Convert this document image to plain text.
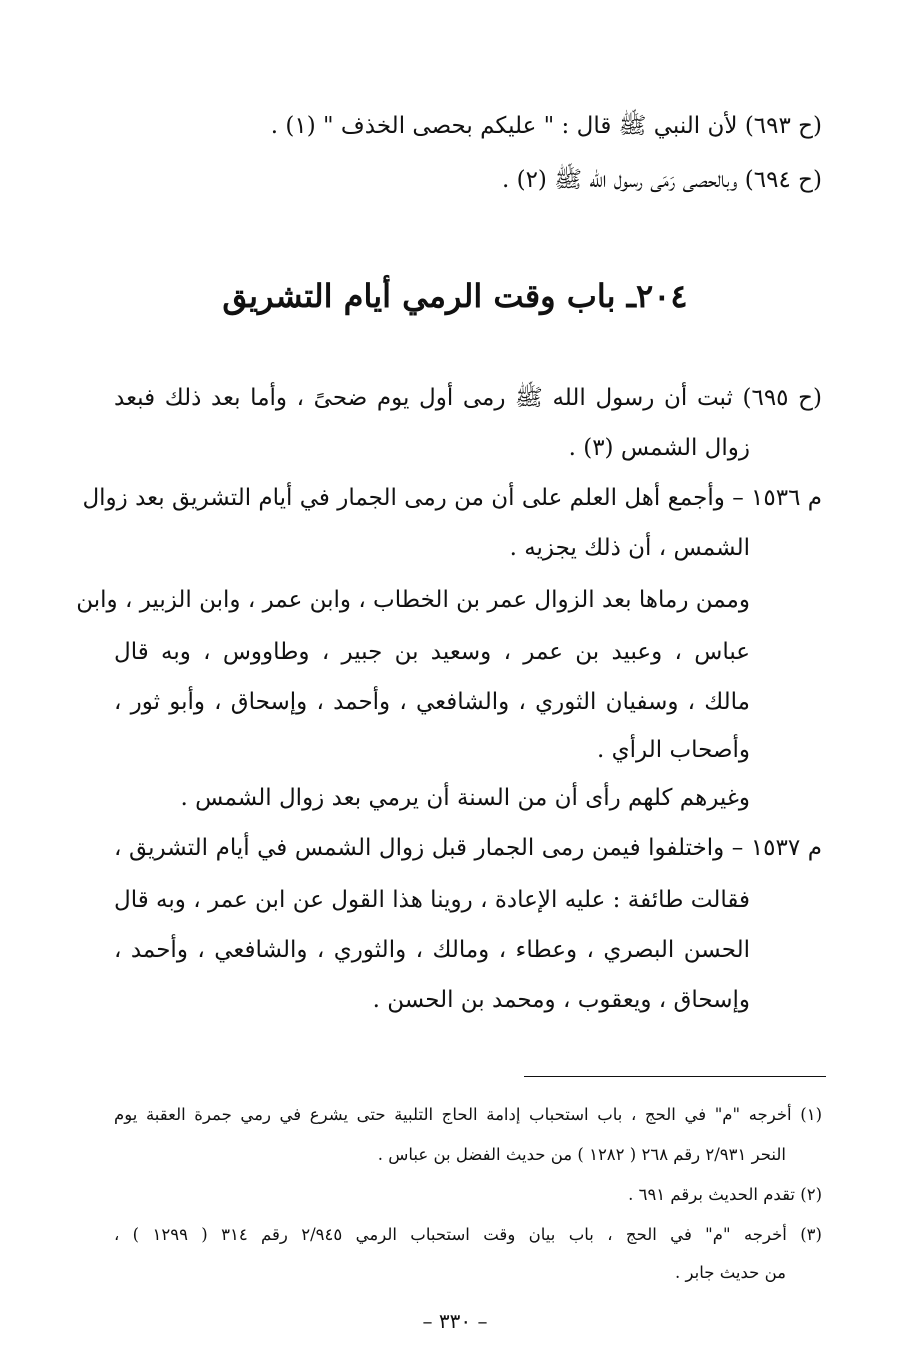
(ح ٦٩٣) لأن النبي ﷺ قال : " عليكم بحصى الخذف " (١) .
(ح ٦٩٤) وبالحصى رَمَى رسول الله ﷺ (٢) .
٢٠٤ـ باب وقت الرمي أيام التشريق
(ح ٦٩٥) ثبت أن رسول الله ﷺ رمى أول يوم ضحىً ، وأما بعد ذلك فبعد
زوال الشمس (٣) .
م ١٥٣٦ – وأجمع أهل العلم على أن من رمى الجمار في أيام التشريق بعد زوال
الشمس ، أن ذلك يجزيه .
وممن رماها بعد الزوال عمر بن الخطاب ، وابن عمر ، وابن الزبير ، وابن
عباس ، وعبيد بن عمر ، وسعيد بن جبير ، وطاووس ، وبه قال
مالك ، وسفيان الثوري ، والشافعي ، وأحمد ، وإسحاق ، وأبو ثور ،
وأصحاب الرأي .
وغيرهم كلهم رأى أن من السنة أن يرمي بعد زوال الشمس .
م ١٥٣٧ – واختلفوا فيمن رمى الجمار قبل زوال الشمس في أيام التشريق ،
فقالت طائفة : عليه الإعادة ، روينا هذا القول عن ابن عمر ، وبه قال
الحسن البصري ، وعطاء ، ومالك ، والثوري ، والشافعي ، وأحمد ،
وإسحاق ، ويعقوب ، ومحمد بن الحسن .
(١) أخرجه "م" في الحج ، باب استحباب إدامة الحاج التلبية حتى يشرع في رمي جمرة العقبة يوم
النحر ٢/٩٣١ رقم ٢٦٨ ( ١٢٨٢ ) من حديث الفضل بن عباس .
(٢) تقدم الحديث برقم ٦٩١ .
(٣) أخرجه "م" في الحج ، باب بيان وقت استحباب الرمي ٢/٩٤٥ رقم ٣١٤ ( ١٢٩٩ ) ،
من حديث جابر .
– ٣٣٠ –
